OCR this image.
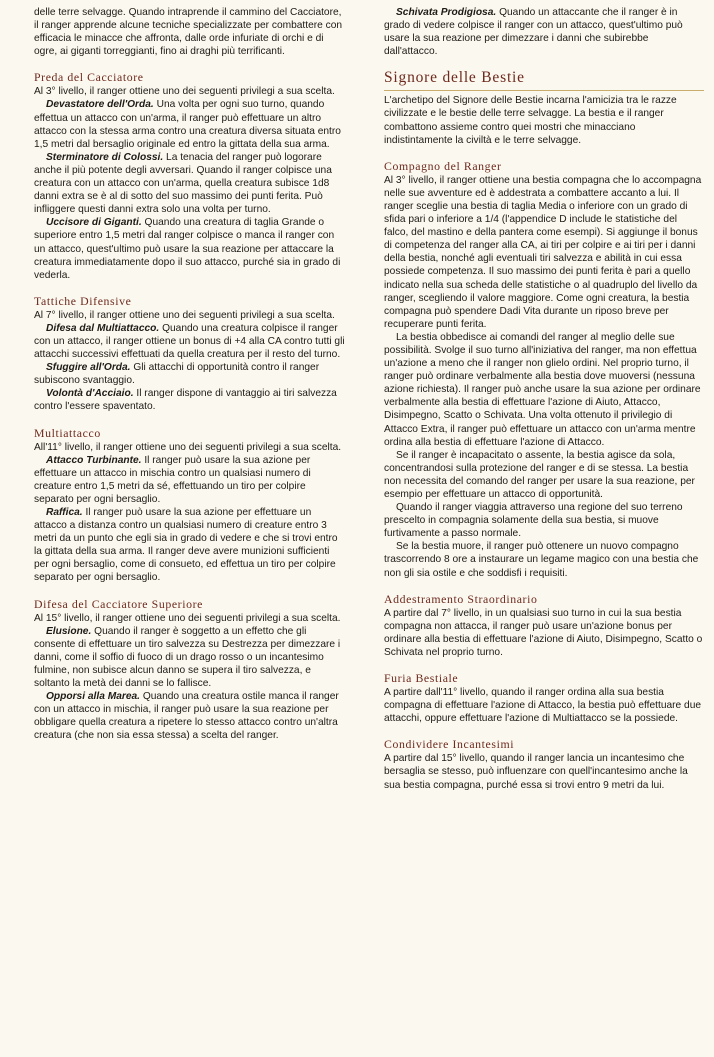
delle terre selvagge. Quando intraprende il cammino del Cacciatore, il ranger apprende alcune tecniche specializzate per combattere con efficacia le minacce che affronta, dalle orde infuriate di orchi e di ogre, ai giganti torreggianti, fino ai draghi più terrificanti.

Preda del Cacciatore

Al 3° livello, il ranger ottiene uno dei seguenti privilegi a sua scelta.

Devastatore dell'Orda. Una volta per ogni suo turno, quando effettua un attacco con un'arma, il ranger può effettuare un altro attacco con la stessa arma contro una creatura diversa situata entro 1,5 metri dal bersaglio originale ed entro la gittata della sua arma.

Sterminatore di Colossi. La tenacia del ranger può logorare anche il più potente degli avversari. Quando il ranger colpisce una creatura con un attacco con un'arma, quella creatura subisce 1d8 danni extra se è al di sotto del suo massimo dei punti ferita. Può infliggere questi danni extra solo una volta per turno.

Uccisore di Giganti. Quando una creatura di taglia Grande o superiore entro 1,5 metri dal ranger colpisce o manca il ranger con un attacco, quest'ultimo può usare la sua reazione per attaccare la creatura immediatamente dopo il suo attacco, purché sia in grado di vederla.

Tattiche Difensive

Al 7° livello, il ranger ottiene uno dei seguenti privilegi a sua scelta.

Difesa dal Multiattacco. Quando una creatura colpisce il ranger con un attacco, il ranger ottiene un bonus di +4 alla CA contro tutti gli attacchi successivi effettuati da quella creatura per il resto del turno.

Sfuggire all'Orda. Gli attacchi di opportunità contro il ranger subiscono svantaggio.

Volontà d'Acciaio. Il ranger dispone di vantaggio ai tiri salvezza contro l'essere spaventato.

Multiattacco

All'11° livello, il ranger ottiene uno dei seguenti privilegi a sua scelta.

Attacco Turbinante. Il ranger può usare la sua azione per effettuare un attacco in mischia contro un qualsiasi numero di creature entro 1,5 metri da sé, effettuando un tiro per colpire separato per ogni bersaglio.

Raffica. Il ranger può usare la sua azione per effettuare un attacco a distanza contro un qualsiasi numero di creature entro 3 metri da un punto che egli sia in grado di vedere e che si trovi entro la gittata della sua arma. Il ranger deve avere munizioni sufficienti per ogni bersaglio, come di consueto, ed effettua un tiro per colpire separato per ogni bersaglio.

Difesa del Cacciatore Superiore

Al 15° livello, il ranger ottiene uno dei seguenti privilegi a sua scelta.

Elusione. Quando il ranger è soggetto a un effetto che gli consente di effettuare un tiro salvezza su Destrezza per dimezzare i danni, come il soffio di fuoco di un drago rosso o un incantesimo fulmine, non subisce alcun danno se supera il tiro salvezza, e soltanto la metà dei danni se lo fallisce.

Opporsi alla Marea. Quando una creatura ostile manca il ranger con un attacco in mischia, il ranger può usare la sua reazione per obbligare quella creatura a ripetere lo stesso attacco contro un'altra creatura (che non sia essa stessa) a scelta del ranger.

Schivata Prodigiosa. Quando un attaccante che il ranger è in grado di vedere colpisce il ranger con un attacco, quest'ultimo può usare la sua reazione per dimezzare i danni che subirebbe dall'attacco.

Signore delle Bestie

L'archetipo del Signore delle Bestie incarna l'amicizia tra le razze civilizzate e le bestie delle terre selvagge. La bestia e il ranger combattono assieme contro quei mostri che minacciano indistintamente la civiltà e le terre selvagge.

Compagno del Ranger

Al 3° livello, il ranger ottiene una bestia compagna che lo accompagna nelle sue avventure ed è addestrata a combattere accanto a lui. Il ranger sceglie una bestia di taglia Media o inferiore con un grado di sfida pari o inferiore a 1/4 (l'appendice D include le statistiche del falco, del mastino e della pantera come esempi). Si aggiunge il bonus di competenza del ranger alla CA, ai tiri per colpire e ai tiri per i danni della bestia, nonché agli eventuali tiri salvezza e abilità in cui essa possiede competenza. Il suo massimo dei punti ferita è pari a quello indicato nella sua scheda delle statistiche o al quadruplo del livello da ranger, scegliendo il valore maggiore. Come ogni creatura, la bestia compagna può spendere Dadi Vita durante un riposo breve per recuperare punti ferita.

La bestia obbedisce ai comandi del ranger al meglio delle sue possibilità. Svolge il suo turno all'iniziativa del ranger, ma non effettua un'azione a meno che il ranger non glielo ordini. Nel proprio turno, il ranger può ordinare verbalmente alla bestia dove muoversi (nessuna azione richiesta). Il ranger può anche usare la sua azione per ordinare verbalmente alla bestia di effettuare l'azione di Aiuto, Attacco, Disimpegno, Scatto o Schivata. Una volta ottenuto il privilegio di Attacco Extra, il ranger può effettuare un attacco con un'arma mentre ordina alla bestia di effettuare l'azione di Attacco.

Se il ranger è incapacitato o assente, la bestia agisce da sola, concentrandosi sulla protezione del ranger e di se stessa. La bestia non necessita del comando del ranger per usare la sua reazione, per esempio per effettuare un attacco di opportunità.

Quando il ranger viaggia attraverso una regione del suo terreno prescelto in compagnia solamente della sua bestia, si muove furtivamente a passo normale.

Se la bestia muore, il ranger può ottenere un nuovo compagno trascorrendo 8 ore a instaurare un legame magico con una bestia che non gli sia ostile e che soddisfi i requisiti.

Addestramento Straordinario

A partire dal 7° livello, in un qualsiasi suo turno in cui la sua bestia compagna non attacca, il ranger può usare un'azione bonus per ordinare alla bestia di effettuare l'azione di Aiuto, Disimpegno, Scatto o Schivata nel proprio turno.

Furia Bestiale

A partire dall'11° livello, quando il ranger ordina alla sua bestia compagna di effettuare l'azione di Attacco, la bestia può effettuare due attacchi, oppure effettuare l'azione di Multiattacco se la possiede.

Condividere Incantesimi

A partire dal 15° livello, quando il ranger lancia un incantesimo che bersaglia se stesso, può influenzare con quell'incantesimo anche la sua bestia compagna, purché essa si trovi entro 9 metri da lui.
